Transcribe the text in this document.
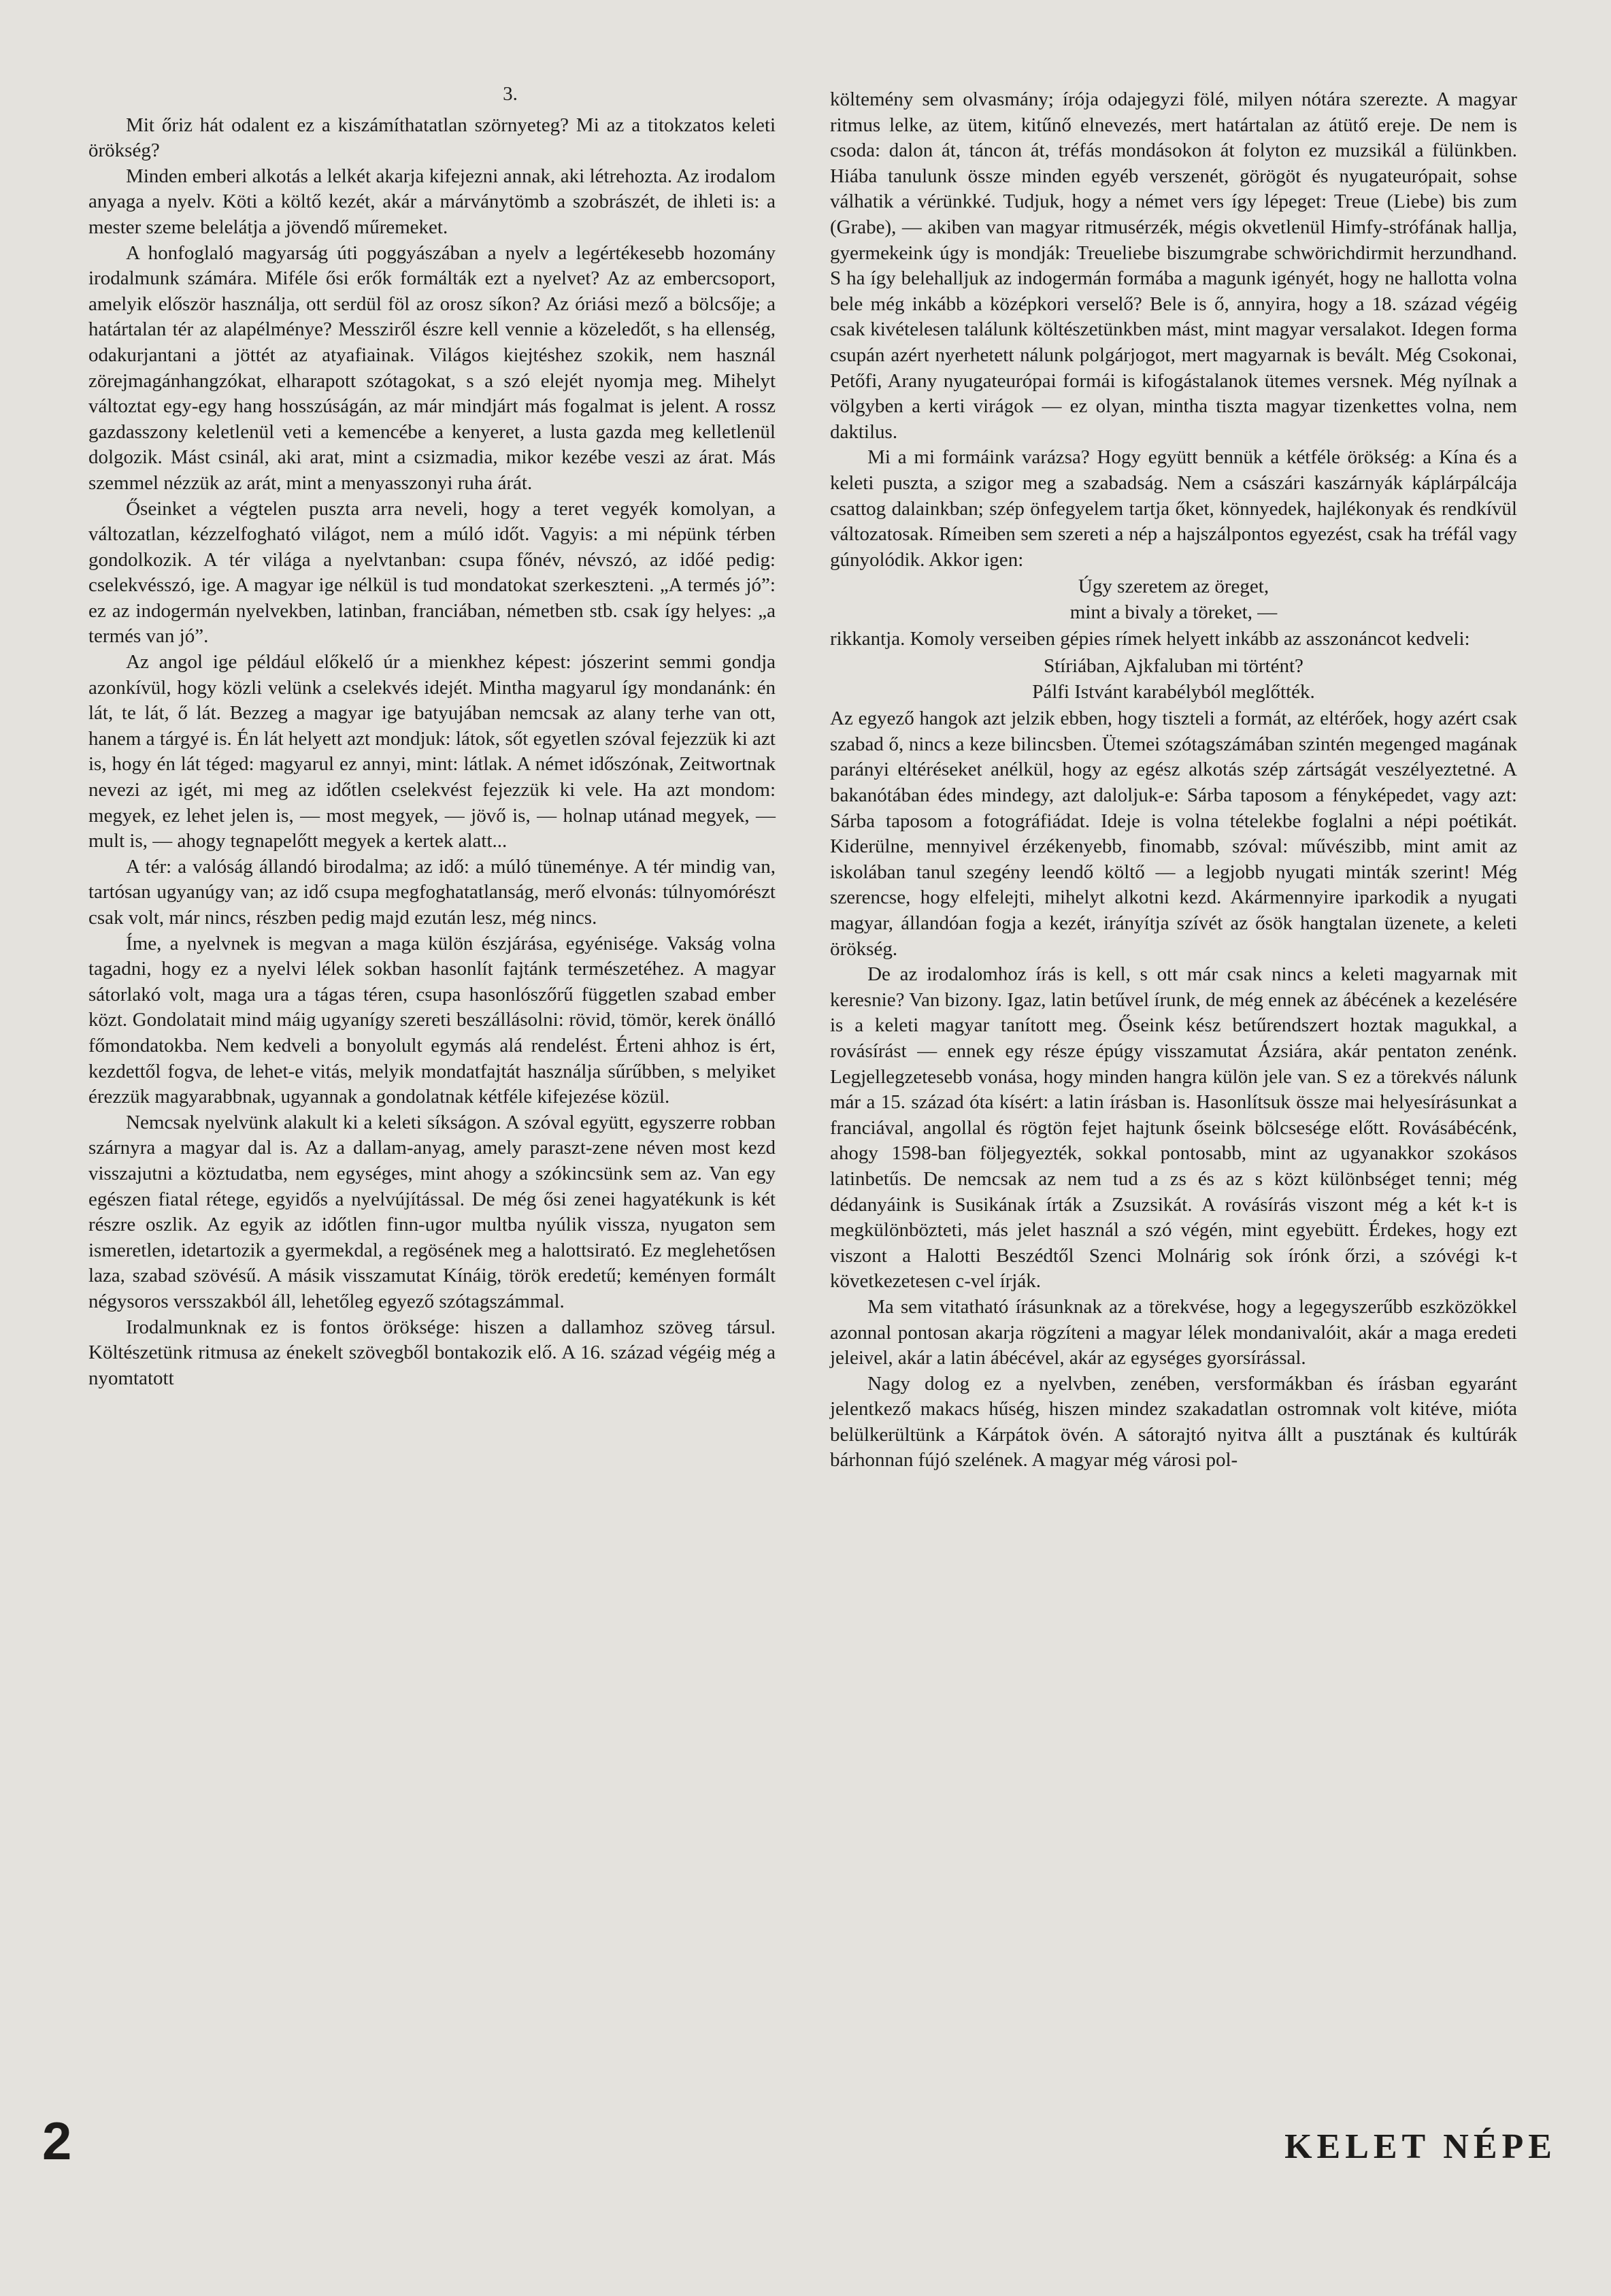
3.

Mit őriz hát odalent ez a kiszámíthatatlan szörnyeteg? Mi az a titokzatos keleti örökség?

Minden emberi alkotás a lelkét akarja kifejezni annak, aki létrehozta. Az irodalom anyaga a nyelv. Köti a költő kezét, akár a márványtömb a szobrászét, de ihleti is: a mester szeme belelátja a jövendő műremeket.

A honfoglaló magyarság úti poggyászában a nyelv a legértékesebb hozomány irodalmunk számára. Miféle ősi erők formálták ezt a nyelvet? Az az embercsoport, amelyik először használja, ott serdül föl az orosz síkon? Az óriási mező a bölcsője; a határtalan tér az alapélménye? Messziről észre kell vennie a közeledőt, s ha ellenség, odakurjantani a jöttét az atyafiainak. Világos kiejtéshez szokik, nem használ zörejmagánhangzókat, elharapott szótagokat, s a szó elejét nyomja meg. Mihelyt változtat egy-egy hang hosszúságán, az már mindjárt más fogalmat is jelent. A rossz gazdasszony keletlenül veti a kemencébe a kenyeret, a lusta gazda meg kelletlenül dolgozik. Mást csinál, aki arat, mint a csizmadia, mikor kezébe veszi az árat. Más szemmel nézzük az arát, mint a menyasszonyi ruha árát.

Őseinket a végtelen puszta arra neveli, hogy a teret vegyék komolyan, a változatlan, kézzelfogható világot, nem a múló időt. Vagyis: a mi népünk térben gondolkozik. A tér világa a nyelvtanban: csupa főnév, névszó, az időé pedig: cselekvésszó, ige. A magyar ige nélkül is tud mondatokat szerkeszteni. „A termés jó”: ez az indogermán nyelvekben, latinban, franciában, németben stb. csak így helyes: „a termés van jó”.

Az angol ige például előkelő úr a mienkhez képest: jószerint semmi gondja azonkívül, hogy közli velünk a cselekvés idejét. Mintha magyarul így mondanánk: én lát, te lát, ő lát. Bezzeg a magyar ige batyujában nemcsak az alany terhe van ott, hanem a tárgyé is. Én lát helyett azt mondjuk: látok, sőt egyetlen szóval fejezzük ki azt is, hogy én lát téged: magyarul ez annyi, mint: látlak. A német időszónak, Zeitwortnak nevezi az igét, mi meg az időtlen cselekvést fejezzük ki vele. Ha azt mondom: megyek, ez lehet jelen is, — most megyek, — jövő is, — holnap utánad megyek, — mult is, — ahogy tegnapelőtt megyek a kertek alatt...

A tér: a valóság állandó birodalma; az idő: a múló tüneménye. A tér mindig van, tartósan ugyanúgy van; az idő csupa megfoghatatlanság, merő elvonás: túlnyomórészt csak volt, már nincs, részben pedig majd ezután lesz, még nincs.

Íme, a nyelvnek is megvan a maga külön észjárása, egyénisége. Vakság volna tagadni, hogy ez a nyelvi lélek sokban hasonlít fajtánk természetéhez. A magyar sátorlakó volt, maga ura a tágas téren, csupa hasonlószőrű független szabad ember közt. Gondolatait mind máig ugyanígy szereti beszállásolni: rövid, tömör, kerek önálló főmondatokba. Nem kedveli a bonyolult egymás alá rendelést. Érteni ahhoz is ért, kezdettől fogva, de lehet-e vitás, melyik mondatfajtát használja sűrűbben, s melyiket érezzük magyarabbnak, ugyannak a gondolatnak kétféle kifejezése közül.

Nemcsak nyelvünk alakult ki a keleti síkságon. A szóval együtt, egyszerre robban szárnyra a magyar dal is. Az a dallam-anyag, amely paraszt-zene néven most kezd visszajutni a köztudatba, nem egységes, mint ahogy a szókincsünk sem az. Van egy egészen fiatal rétege, egyidős a nyelvújítással. De még ősi zenei hagyatékunk is két részre oszlik. Az egyik az időtlen finn-ugor multba nyúlik vissza, nyugaton sem ismeretlen, idetartozik a gyermekdal, a regösének meg a halottsirató. Ez meglehetősen laza, szabad szövésű. A másik visszamutat Kínáig, török eredetű; keményen formált négysoros versszakból áll, lehetőleg egyező szótagszámmal.

Irodalmunknak ez is fontos öröksége: hiszen a dallamhoz szöveg társul. Költészetünk ritmusa az énekelt szövegből bontakozik elő. A 16. század végéig még a nyomtatott

költemény sem olvasmány; írója odajegyzi fölé, milyen nótára szerezte. A magyar ritmus lelke, az ütem, kitűnő elnevezés, mert határtalan az átütő ereje. De nem is csoda: dalon át, táncon át, tréfás mondásokon át folyton ez muzsikál a fülünkben. Hiába tanulunk össze minden egyéb verszenét, görögöt és nyugateurópait, sohse válhatik a vérünkké. Tudjuk, hogy a német vers így lépeget: Treue (Liebe) bis zum (Grabe), — akiben van magyar ritmusérzék, mégis okvetlenül Himfy-strófának hallja, gyermekeink úgy is mondják: Treueliebe biszumgrabe schwörichdirmit herzundhand. S ha így belehalljuk az indogermán formába a magunk igényét, hogy ne hallotta volna bele még inkább a középkori verselő? Bele is ő, annyira, hogy a 18. század végéig csak kivételesen találunk költészetünkben mást, mint magyar versalakot. Idegen forma csupán azért nyerhetett nálunk polgárjogot, mert magyarnak is bevált. Még Csokonai, Petőfi, Arany nyugateurópai formái is kifogástalanok ütemes versnek. Még nyílnak a völgyben a kerti virágok — ez olyan, mintha tiszta magyar tizenkettes volna, nem daktilus.

Mi a mi formáink varázsa? Hogy együtt bennük a kétféle örökség: a Kína és a keleti puszta, a szigor meg a szabadság. Nem a császári kaszárnyák káplárpálcája csattog dalainkban; szép önfegyelem tartja őket, könnyedek, hajlékonyak és rendkívül változatosak. Rímeiben sem szereti a nép a hajszálpontos egyezést, csak ha tréfál vagy gúnyolódik. Akkor igen:

Úgy szeretem az öreget,
mint a bivaly a töreket, —

rikkantja. Komoly verseiben gépies rímek helyett inkább az asszonáncot kedveli:

Stíriában, Ajkfaluban mi történt?
Pálfi Istvánt karabélyból meglőtték.

Az egyező hangok azt jelzik ebben, hogy tiszteli a formát, az eltérőek, hogy azért csak szabad ő, nincs a keze bilincsben. Ütemei szótagszámában szintén megenged magának parányi eltéréseket anélkül, hogy az egész alkotás szép zártságát veszélyeztetné. A bakanótában édes mindegy, azt daloljuk-e: Sárba taposom a fényképedet, vagy azt: Sárba taposom a fotográfiádat. Ideje is volna tételekbe foglalni a népi poétikát. Kiderülne, mennyivel érzékenyebb, finomabb, szóval: művészibb, mint amit az iskolában tanul szegény leendő költő — a legjobb nyugati minták szerint! Még szerencse, hogy elfelejti, mihelyt alkotni kezd. Akármennyire iparkodik a nyugati magyar, állandóan fogja a kezét, irányítja szívét az ősök hangtalan üzenete, a keleti örökség.

De az irodalomhoz írás is kell, s ott már csak nincs a keleti magyarnak mit keresnie? Van bizony. Igaz, latin betűvel írunk, de még ennek az ábécének a kezelésére is a keleti magyar tanított meg. Őseink kész betűrendszert hoztak magukkal, a rovásírást — ennek egy része épúgy visszamutat Ázsiára, akár pentaton zenénk. Legjellegzetesebb vonása, hogy minden hangra külön jele van. S ez a törekvés nálunk már a 15. század óta kísért: a latin írásban is. Hasonlítsuk össze mai helyesírásunkat a franciával, angollal és rögtön fejet hajtunk őseink bölcsesége előtt. Rovásábécénk, ahogy 1598-ban följegyezték, sokkal pontosabb, mint az ugyanakkor szokásos latinbetűs. De nemcsak az nem tud a zs és az s közt különbséget tenni; még dédanyáink is Susikának írták a Zsuzsikát. A rovásírás viszont még a két k-t is megkülönbözteti, más jelet használ a szó végén, mint egyebütt. Érdekes, hogy ezt viszont a Halotti Beszédtől Szenci Molnárig sok írónk őrzi, a szóvégi k-t következetesen c-vel írják.

Ma sem vitatható írásunknak az a törekvése, hogy a legegyszerűbb eszközökkel azonnal pontosan akarja rögzíteni a magyar lélek mondanivalóit, akár a maga eredeti jeleivel, akár a latin ábécével, akár az egységes gyorsírással.

Nagy dolog ez a nyelvben, zenében, versformákban és írásban egyaránt jelentkező makacs hűség, hiszen mindez szakadatlan ostromnak volt kitéve, mióta belülkerültünk a Kárpátok övén. A sátorajtó nyitva állt a pusztának és kultúrák bárhonnan fújó szelének. A magyar még városi pol-

2	KELET NÉPE
